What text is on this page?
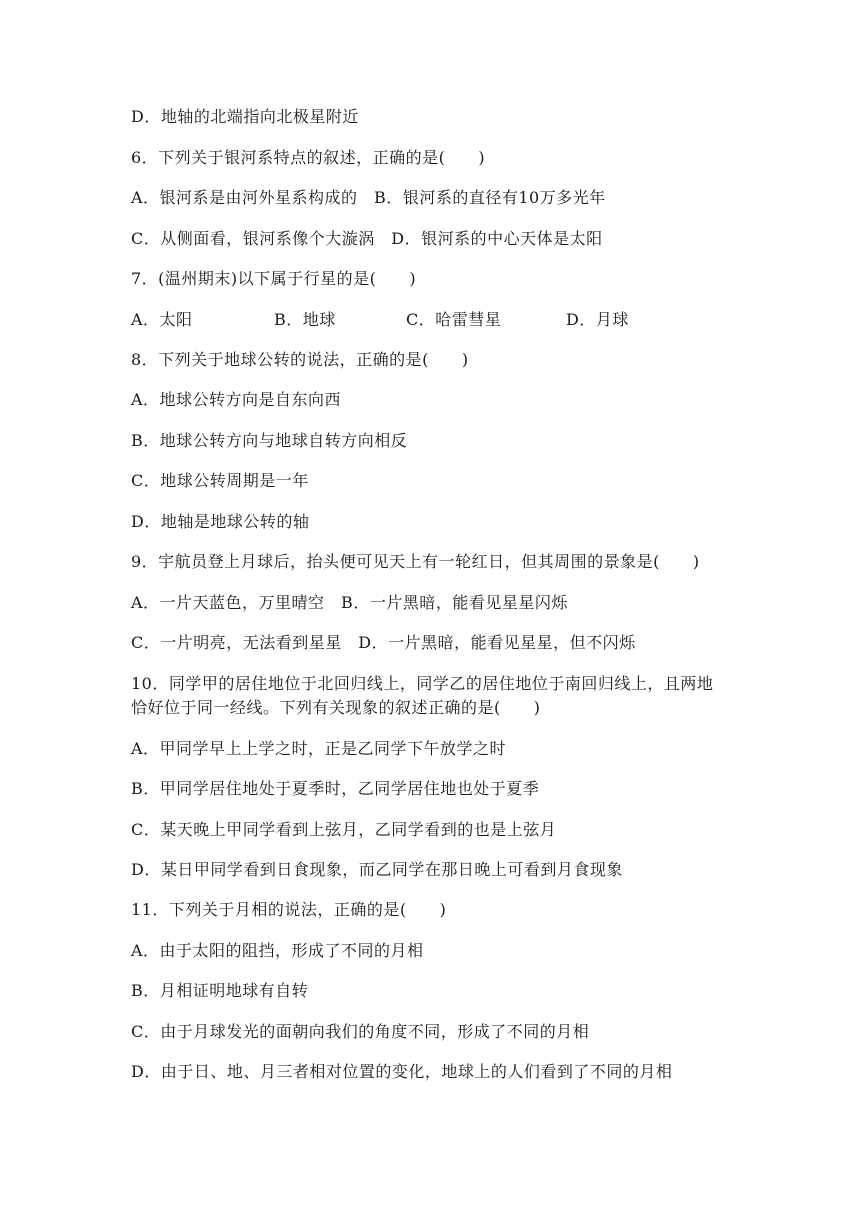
D．地轴的北端指向北极星附近
6．下列关于银河系特点的叙述，正确的是(　　)
A．银河系是由河外星系构成的　B．银河系的直径有10万多光年
C．从侧面看，银河系像个大漩涡　D．银河系的中心天体是太阳
7．(温州期末)以下属于行星的是(　　)

A．太阳

	B．地球

	C．哈雷彗星

	D．月球

8．下列关于地球公转的说法，正确的是(　　)
A．地球公转方向是自东向西
B．地球公转方向与地球自转方向相反
C．地球公转周期是一年
D．地轴是地球公转的轴
9．宇航员登上月球后，抬头便可见天上有一轮红日，但其周围的景象是(　　)
A．一片天蓝色，万里晴空　B．一片黑暗，能看见星星闪烁
C．一片明亮，无法看到星星　D．一片黑暗，能看见星星，但不闪烁
10．同学甲的居住地位于北回归线上，同学乙的居住地位于南回归线上，且两地
恰好位于同一经线。下列有关现象的叙述正确的是(　　)
A．甲同学早上上学之时，正是乙同学下午放学之时
B．甲同学居住地处于夏季时，乙同学居住地也处于夏季
C．某天晚上甲同学看到上弦月，乙同学看到的也是上弦月
D．某日甲同学看到日食现象，而乙同学在那日晚上可看到月食现象
11．下列关于月相的说法，正确的是(　　)
A．由于太阳的阻挡，形成了不同的月相
B．月相证明地球有自转
C．由于月球发光的面朝向我们的角度不同，形成了不同的月相
D．由于日、地、月三者相对位置的变化，地球上的人们看到了不同的月相
